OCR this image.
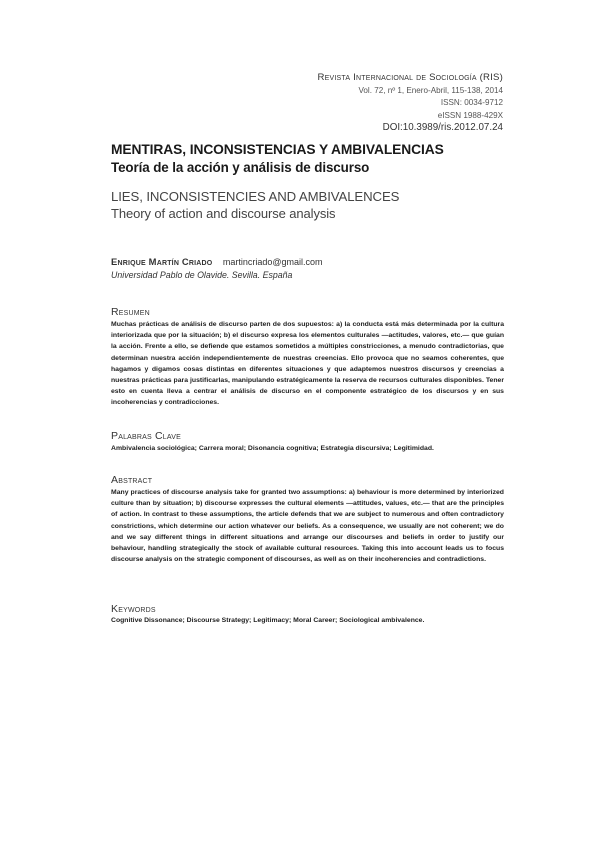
Revista Internacional de Sociología (RIS)
Vol. 72, nº 1, Enero-Abril, 115-138, 2014
ISSN: 0034-9712
eISSN 1988-429X
DOI:10.3989/ris.2012.07.24
MENTIRAS, INCONSISTENCIAS Y AMBIVALENCIAS
Teoría de la acción y análisis de discurso
LIES, INCONSISTENCIES AND AMBIVALENCES
Theory of action and discourse analysis
Enrique Martín Criado martincriado@gmail.com
Universidad Pablo de Olavide. Sevilla. España
Resumen
Muchas prácticas de análisis de discurso parten de dos supuestos: a) la conducta está más determinada por la cultura interiorizada que por la situación; b) el discurso expresa los elementos culturales —actitudes, valores, etc.— que guían la acción. Frente a ello, se defiende que estamos sometidos a múltiples constricciones, a menudo contradictorias, que determinan nuestra acción independientemente de nuestras creencias. Ello provoca que no seamos coherentes, que hagamos y digamos cosas distintas en diferentes situaciones y que adaptemos nuestros discursos y creencias a nuestras prácticas para justificarlas, manipulando estratégicamente la reserva de recursos culturales disponibles. Tener esto en cuenta lleva a centrar el análisis de discurso en el componente estratégico de los discursos y en sus incoherencias y contradicciones.
Palabras Clave
Ambivalencia sociológica; Carrera moral; Disonancia cognitiva; Estrategia discursiva; Legitimidad.
Abstract
Many practices of discourse analysis take for granted two assumptions: a) behaviour is more determined by interiorized culture than by situation; b) discourse expresses the cultural elements —attitudes, values, etc.— that are the principles of action. In contrast to these assumptions, the article defends that we are subject to numerous and often contradictory constrictions, which determine our action whatever our beliefs. As a consequence, we usually are not coherent; we do and we say different things in different situations and arrange our discourses and beliefs in order to justify our behaviour, handling strategically the stock of available cultural resources. Taking this into account leads us to focus discourse analysis on the strategic component of discourses, as well as on their incoherencies and contradictions.
Keywords
Cognitive Dissonance; Discourse Strategy; Legitimacy; Moral Career; Sociological ambivalence.
